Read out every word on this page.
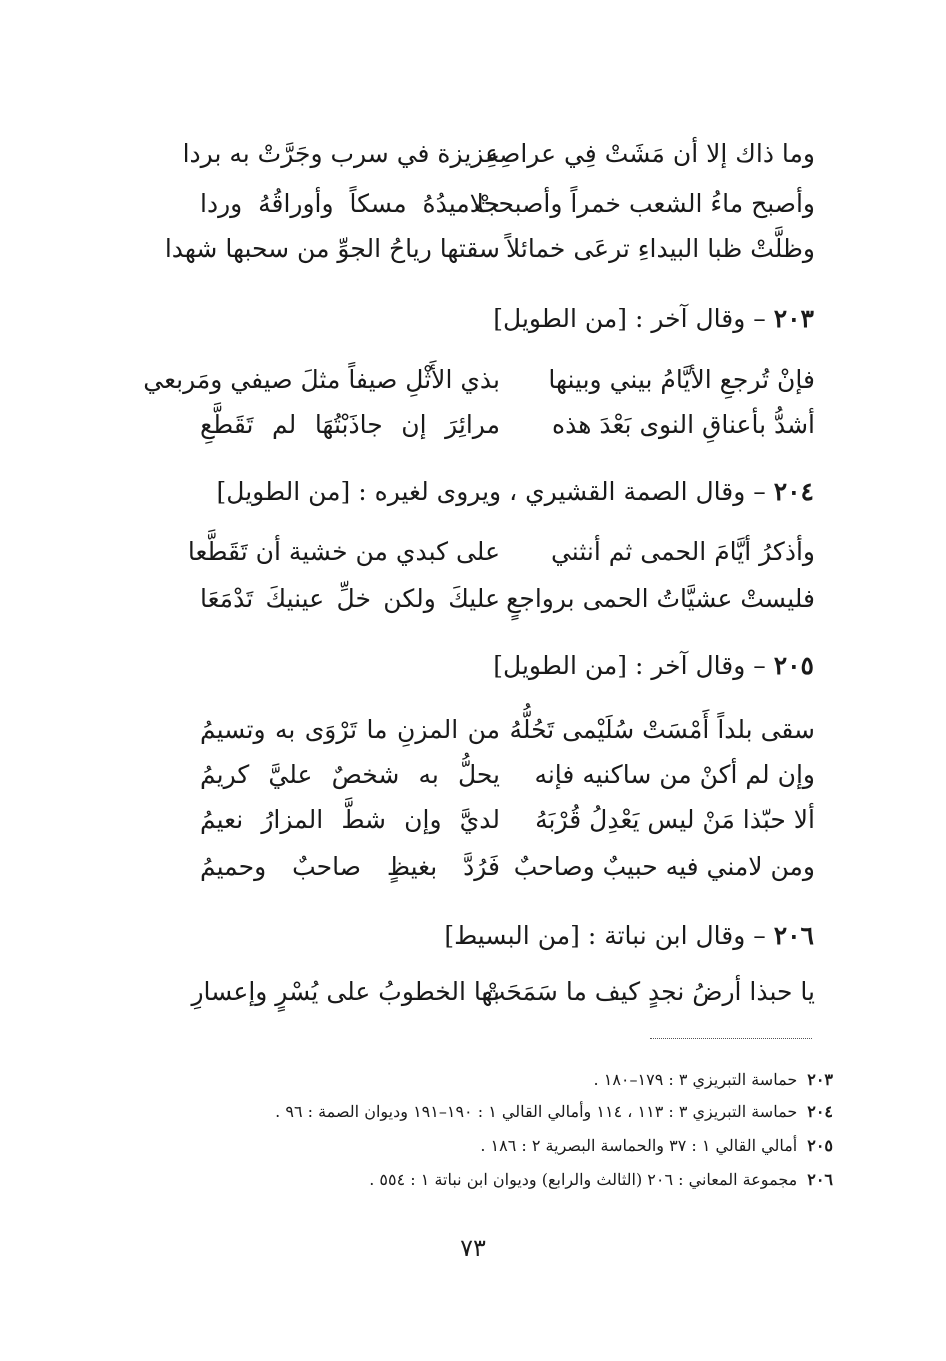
وما ذاك إلا أن مَشَتْ فِي عراصِهِ
عزيزة في سرب وجَرَّتْ به بردا
وأصبح ماءُ الشعب خمراً وأصبحتْ
جلاميدُهُ مسكاً وأوراقُهُ وردا
وظلَّتْ ظبا البيداءِ ترعَى خمائلاً
سقتها رياحُ الجوِّ من سحبها شهدا
٢٠٣ – وقال آخر : [من الطويل]
فإنْ تُرجعِ الأيَّامُ بيني وبينها
بذي الأَثْلِ صيفاً مثلَ صيفي ومَربعي
أشدُّ بأعناقِ النوى بَعْدَ هذه
مرائِرَ إن جاذَبْتُهَا لم تَقَطَّعِ
٢٠٤ – وقال الصمة القشيري ، ويروى لغيره : [من الطويل]
وأذكرُ أيَّامَ الحمى ثم أنثني
على كبدي من خشية أن تَقَطَّعا
فليستْ عشيَّاتُ الحمى برواجعٍ
عليكَ ولكن خلِّ عينيكَ تَدْمَعَا
٢٠٥ – وقال آخر : [من الطويل]
سقى بلداً أَمْسَتْ سُلَيْمى تَحُلُّهُ
من المزنِ ما تَرْوَى به وتسيمُ
وإن لم أكنْ من ساكنيه فإنه
يحلُّ به شخصٌ عليَّ كريمُ
ألا حبّذا مَنْ ليس يَعْدِلُ قُرْبَهُ
لديَّ وإن شطَّ المزارُ نعيمُ
ومن لامني فيه حبيبٌ وصاحبٌ
فَرُدَّ بغيظٍ صاحبٌ وحميمُ
٢٠٦ – وقال ابن نباتة : [من البسيط]
يا حبذا أرضُ نجدٍ كيف ما سَمَحَتْ
بها الخطوبُ على يُسْرٍ وإعسارِ
٢٠٣حماسة التبريزي ٣ : ١٧٩–١٨٠ .
٢٠٤حماسة التبريزي ٣ : ١١٣ ، ١١٤ وأمالي القالي ١ : ١٩٠–١٩١ وديوان الصمة : ٩٦ .
٢٠٥أمالي القالي ١ : ٣٧ والحماسة البصرية ٢ : ١٨٦ .
٢٠٦مجموعة المعاني : ٢٠٦ (الثالث والرابع) وديوان ابن نباتة ١ : ٥٥٤ .
٧٣
